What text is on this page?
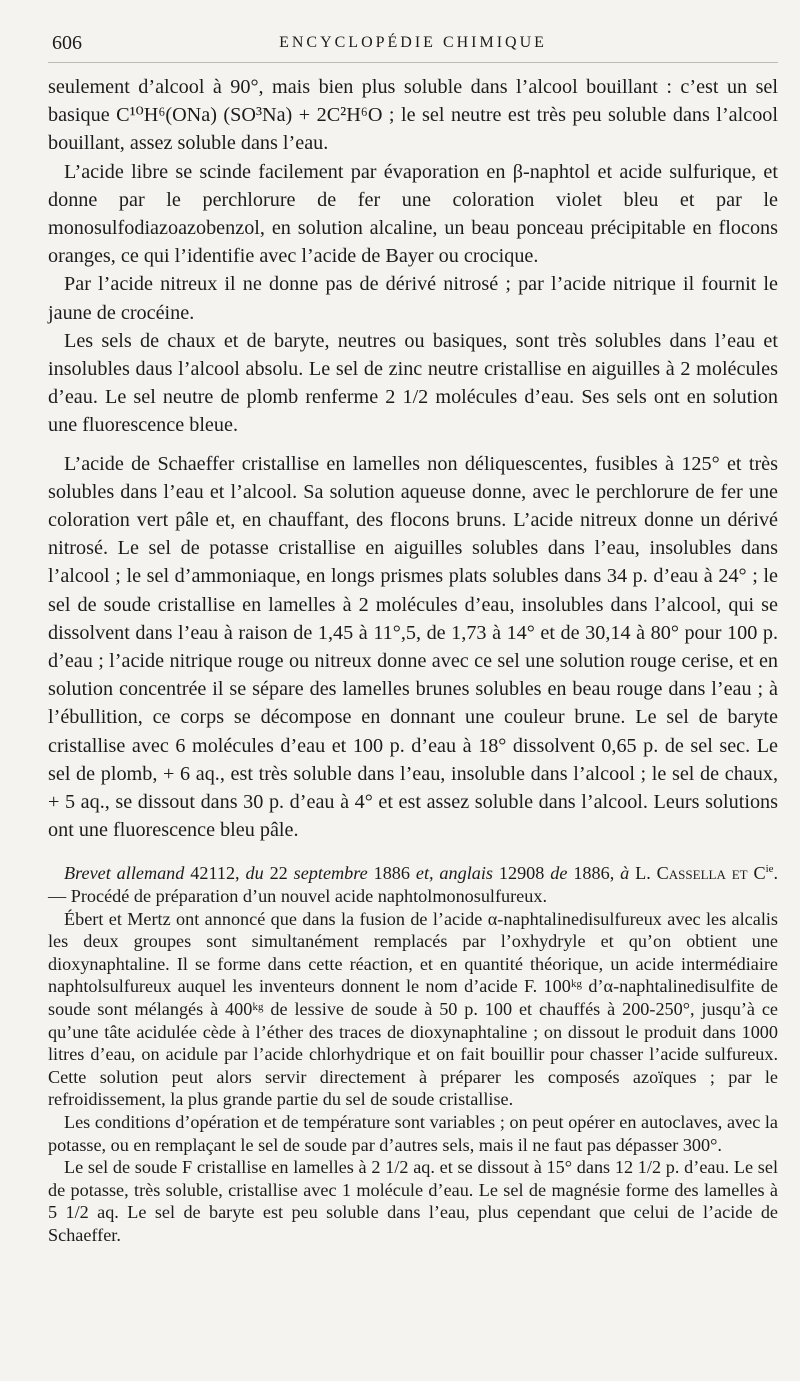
606	ENCYCLOPÉDIE CHIMIQUE

seulement d’alcool à 90°, mais bien plus soluble dans l’alcool bouillant : c’est un sel basique C¹⁰H⁶(ONa) (SO³Na) + 2C²H⁶O ; le sel neutre est très peu soluble dans l’alcool bouillant, assez soluble dans l’eau.

L’acide libre se scinde facilement par évaporation en β-naphtol et acide sulfurique, et donne par le perchlorure de fer une coloration violet bleu et par le monosulfodiazoazobenzol, en solution alcaline, un beau ponceau précipitable en flocons oranges, ce qui l’identifie avec l’acide de Bayer ou crocique.

Par l’acide nitreux il ne donne pas de dérivé nitrosé ; par l’acide nitrique il fournit le jaune de crocéine.

Les sels de chaux et de baryte, neutres ou basiques, sont très solubles dans l’eau et insolubles daus l’alcool absolu. Le sel de zinc neutre cristallise en aiguilles à 2 molécules d’eau. Le sel neutre de plomb renferme 2 1/2 molécules d’eau. Ses sels ont en solution une fluorescence bleue.

L’acide de Schaeffer cristallise en lamelles non déliquescentes, fusibles à 125° et très solubles dans l’eau et l’alcool. Sa solution aqueuse donne, avec le perchlorure de fer une coloration vert pâle et, en chauffant, des flocons bruns. L’acide nitreux donne un dérivé nitrosé. Le sel de potasse cristallise en aiguilles solubles dans l’eau, insolubles dans l’alcool ; le sel d’ammoniaque, en longs prismes plats solubles dans 34 p. d’eau à 24° ; le sel de soude cristallise en lamelles à 2 molécules d’eau, insolubles dans l’alcool, qui se dissolvent dans l’eau à raison de 1,45 à 11°,5, de 1,73 à 14° et de 30,14 à 80° pour 100 p. d’eau ; l’acide nitrique rouge ou nitreux donne avec ce sel une solution rouge cerise, et en solution concentrée il se sépare des lamelles brunes solubles en beau rouge dans l’eau ; à l’ébullition, ce corps se décompose en donnant une couleur brune. Le sel de baryte cristallise avec 6 molécules d’eau et 100 p. d’eau à 18° dissolvent 0,65 p. de sel sec. Le sel de plomb, + 6 aq., est très soluble dans l’eau, insoluble dans l’alcool ; le sel de chaux, + 5 aq., se dissout dans 30 p. d’eau à 4° et est assez soluble dans l’alcool. Leurs solutions ont une fluorescence bleu pâle.

Brevet allemand 42112, du 22 septembre 1886 et, anglais 12908 de 1886, à L. Cassella et $C^{ie}$. — Procédé de préparation d’un nouvel acide naphtolmonosulfureux.

Ébert et Mertz ont annoncé que dans la fusion de l’acide α-naphtalinedisulfureux avec les alcalis les deux groupes sont simultanément remplacés par l’oxhydryle et qu’on obtient une dioxynaphtaline. Il se forme dans cette réaction, et en quantité théorique, un acide intermédiaire naphtolsulfureux auquel les inventeurs donnent le nom d’acide F. 100ᵏᵍ d’α-naphtalinedisulfite de soude sont mélangés à 400ᵏᵍ de lessive de soude à 50 p. 100 et chauffés à 200-250°, jusqu’à ce qu’une tâte acidulée cède à l’éther des traces de dioxynaphtaline ; on dissout le produit dans 1000 litres d’eau, on acidule par l’acide chlorhydrique et on fait bouillir pour chasser l’acide sulfureux. Cette solution peut alors servir directement à préparer les composés azoïques ; par le refroidissement, la plus grande partie du sel de soude cristallise.

Les conditions d’opération et de température sont variables ; on peut opérer en autoclaves, avec la potasse, ou en remplaçant le sel de soude par d’autres sels, mais il ne faut pas dépasser 300°.

Le sel de soude F cristallise en lamelles à 2 1/2 aq. et se dissout à 15° dans 12 1/2 p. d’eau. Le sel de potasse, très soluble, cristallise avec 1 molécule d’eau. Le sel de magnésie forme des lamelles à 5 1/2 aq. Le sel de baryte est peu soluble dans l’eau, plus cependant que celui de l’acide de Schaeffer.
